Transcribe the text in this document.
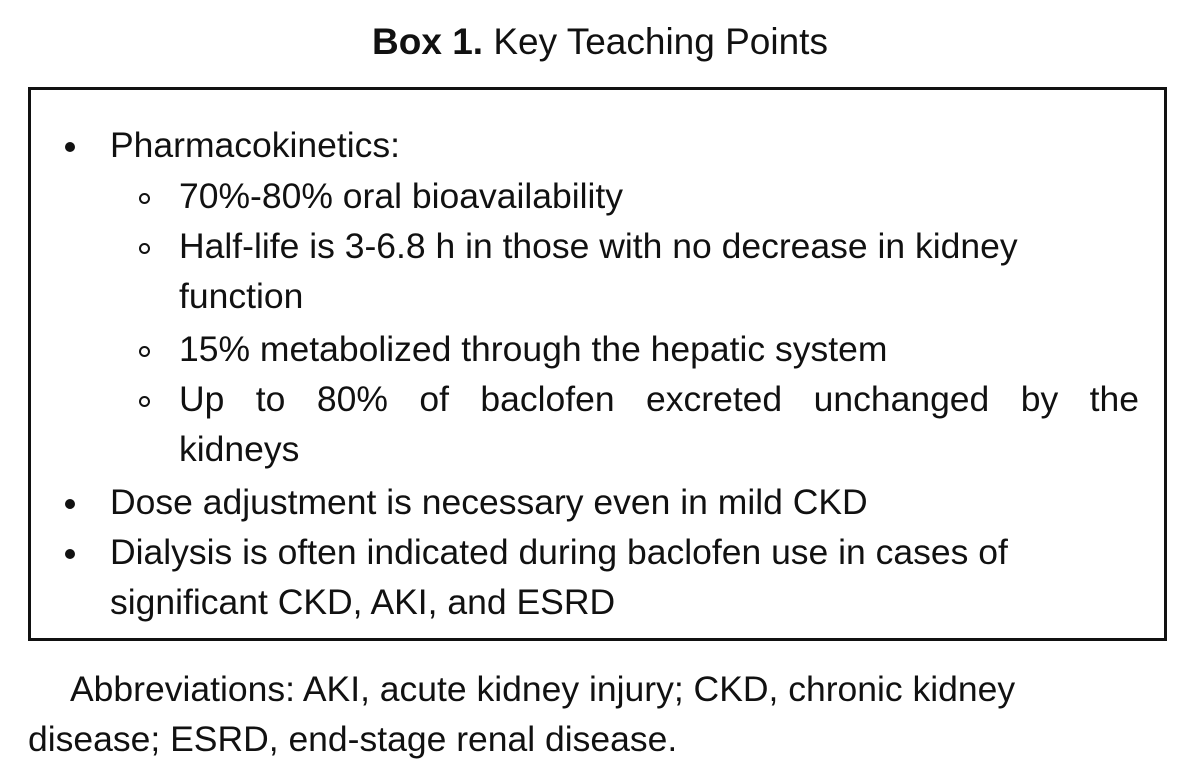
Box 1. Key Teaching Points
Pharmacokinetics:
70%-80% oral bioavailability
Half-life is 3-6.8 h in those with no decrease in kidney
function
15% metabolized through the hepatic system
Up to 80% of baclofen excreted unchanged by the
kidneys
Dose adjustment is necessary even in mild CKD
Dialysis is often indicated during baclofen use in cases of
significant CKD, AKI, and ESRD
Abbreviations: AKI, acute kidney injury; CKD, chronic kidney
disease; ESRD, end-stage renal disease.
